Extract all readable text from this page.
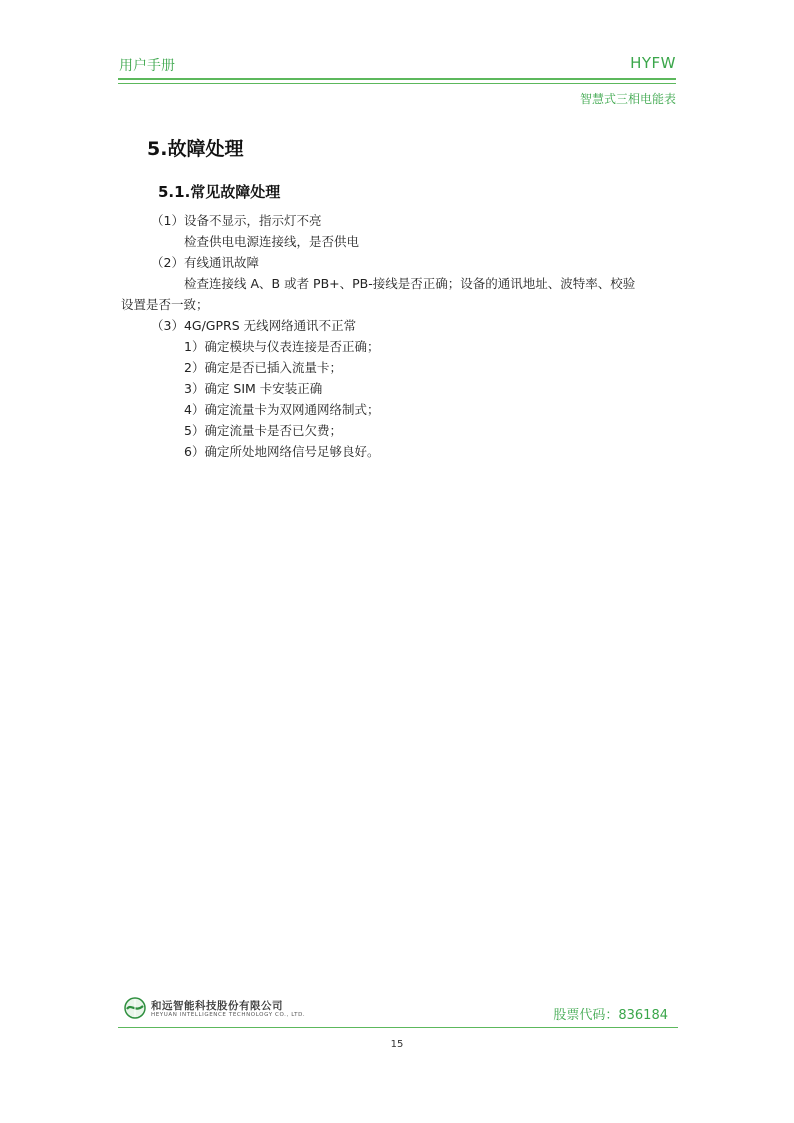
用户手册	HYFW
智慧式三相电能表
5.故障处理
5.1.常见故障处理
（1）设备不显示，指示灯不亮
检查供电电源连接线，是否供电
（2）有线通讯故障
检查连接线 A、B 或者 PB+、PB-接线是否正确；设备的通讯地址、波特率、校验
设置是否一致；
（3）4G/GPRS 无线网络通讯不正常
1）确定模块与仪表连接是否正确；
2）确定是否已插入流量卡；
3）确定 SIM 卡安装正确
4）确定流量卡为双网通网络制式；
5）确定流量卡是否已欠费；
6）确定所处地网络信号足够良好。
和远智能科技股份有限公司
HEYUAN INTELLIGENCE TECHNOLOGY CO., LTD.	股票代码：836184
15
